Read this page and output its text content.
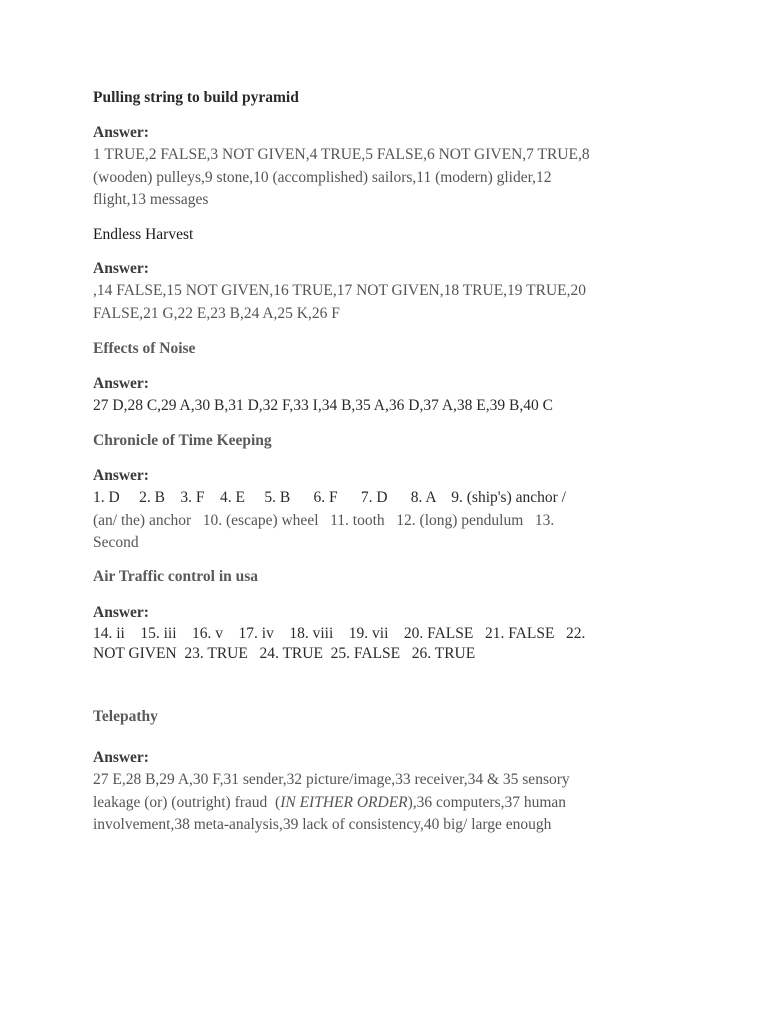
Pulling string to build pyramid
Answer:
1 TRUE,2 FALSE,3 NOT GIVEN,4 TRUE,5 FALSE,6 NOT GIVEN,7 TRUE,8
(wooden) pulleys,9 stone,10 (accomplished) sailors,11 (modern) glider,12
flight,13 messages
Endless Harvest
Answer:
,14 FALSE,15 NOT GIVEN,16 TRUE,17 NOT GIVEN,18 TRUE,19 TRUE,20
FALSE,21 G,22 E,23 B,24 A,25 K,26 F
Effects of Noise
Answer:
27 D,28 C,29 A,30 B,31 D,32 F,33 I,34 B,35 A,36 D,37 A,38 E,39 B,40 C
Chronicle of Time Keeping
Answer:
1. D     2. B    3. F    4. E     5. B      6. F      7. D      8. A    9. (ship's) anchor /
(an/ the) anchor   10. (escape) wheel   11. tooth   12. (long) pendulum   13.
Second
Air Traffic control in usa
Answer:
14. ii    15. iii    16. v    17. iv    18. viii    19. vii    20. FALSE   21. FALSE   22.
NOT GIVEN  23. TRUE   24. TRUE  25. FALSE   26. TRUE
Telepathy
Answer:
27 E,28 B,29 A,30 F,31 sender,32 picture/image,33 receiver,34 & 35 sensory
leakage (or) (outright) fraud  (IN EITHER ORDER),36 computers,37 human
involvement,38 meta-analysis,39 lack of consistency,40 big/ large enough
